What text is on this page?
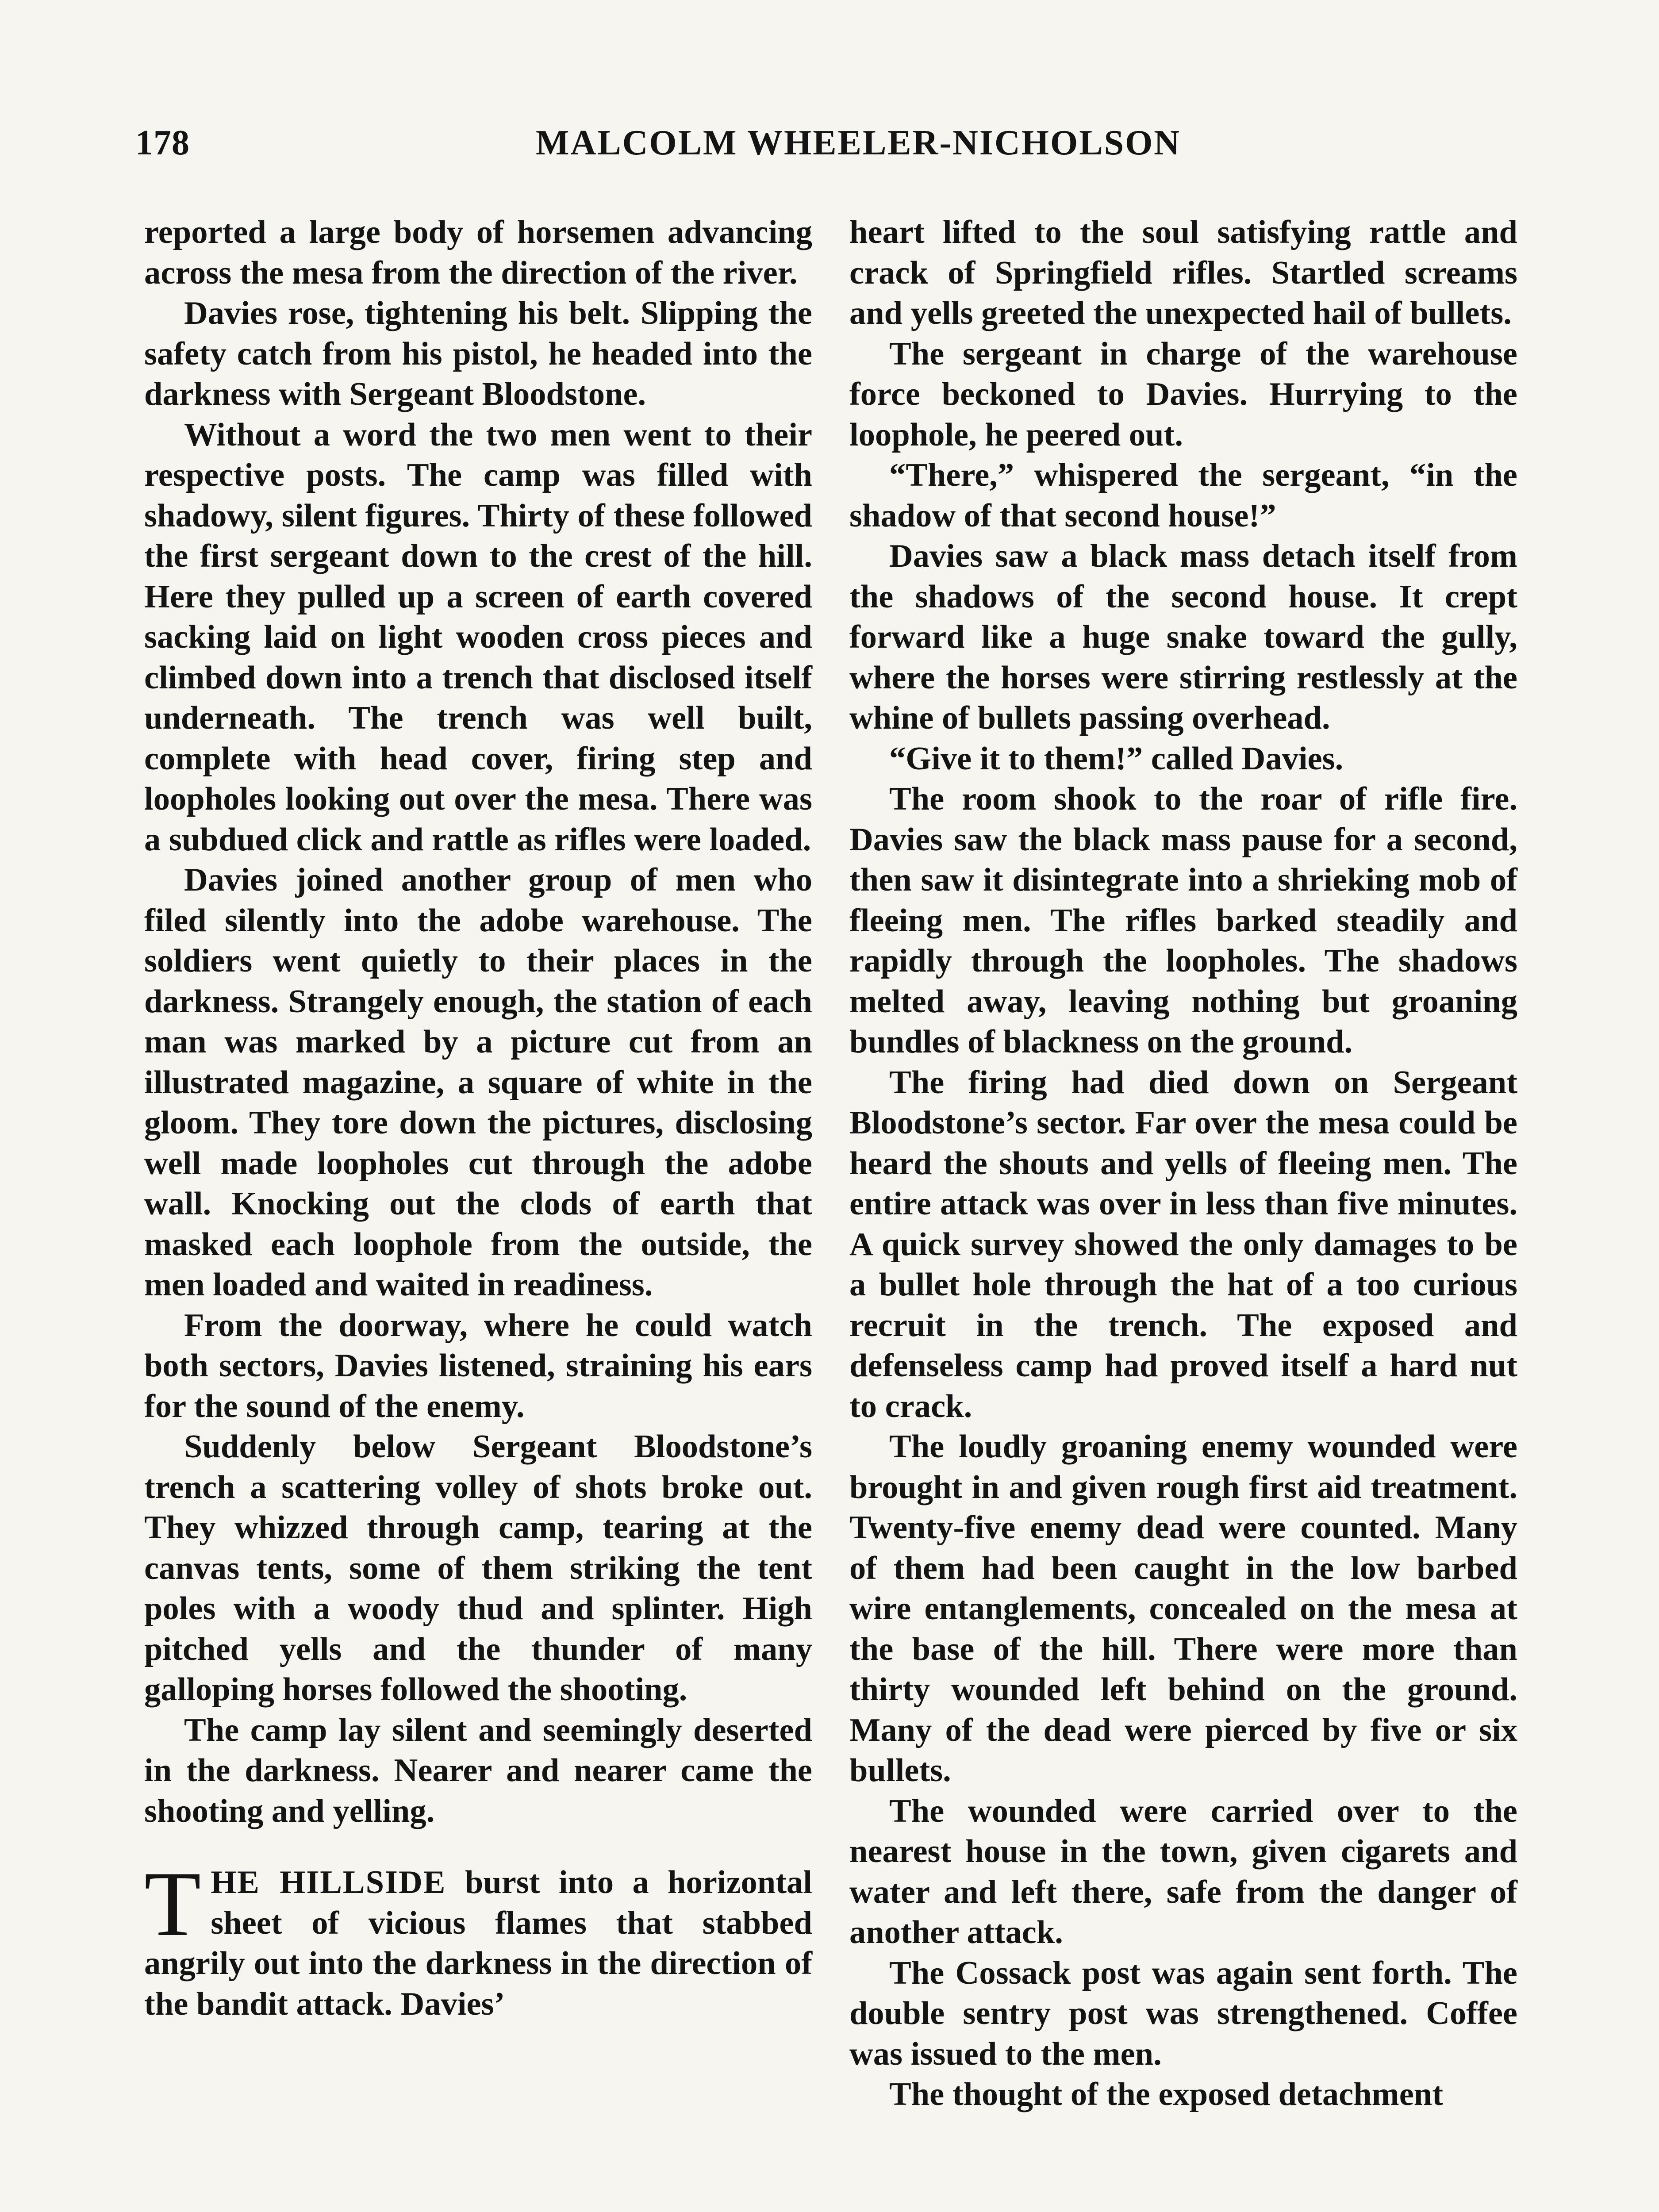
178	MALCOLM WHEELER-NICHOLSON

reported a large body of horsemen advancing across the mesa from the direction of the river.

Davies rose, tightening his belt. Slipping the safety catch from his pistol, he headed into the darkness with Sergeant Bloodstone.

Without a word the two men went to their respective posts. The camp was filled with shadowy, silent figures. Thirty of these followed the first sergeant down to the crest of the hill. Here they pulled up a screen of earth covered sacking laid on light wooden cross pieces and climbed down into a trench that disclosed itself underneath. The trench was well built, complete with head cover, firing step and loopholes looking out over the mesa. There was a subdued click and rattle as rifles were loaded.

Davies joined another group of men who filed silently into the adobe warehouse. The soldiers went quietly to their places in the darkness. Strangely enough, the station of each man was marked by a picture cut from an illustrated magazine, a square of white in the gloom. They tore down the pictures, disclosing well made loopholes cut through the adobe wall. Knocking out the clods of earth that masked each loophole from the outside, the men loaded and waited in readiness.

From the doorway, where he could watch both sectors, Davies listened, straining his ears for the sound of the enemy.

Suddenly below Sergeant Bloodstone’s trench a scattering volley of shots broke out. They whizzed through camp, tearing at the canvas tents, some of them striking the tent poles with a woody thud and splinter. High pitched yells and the thunder of many galloping horses followed the shooting.

The camp lay silent and seemingly deserted in the darkness. Nearer and nearer came the shooting and yelling.

THE HILLSIDE burst into a horizontal sheet of vicious flames that stabbed angrily out into the darkness in the direction of the bandit attack. Davies’

heart lifted to the soul satisfying rattle and crack of Springfield rifles. Startled screams and yells greeted the unexpected hail of bullets.

The sergeant in charge of the warehouse force beckoned to Davies. Hurrying to the loophole, he peered out.

“There,” whispered the sergeant, “in the shadow of that second house!”

Davies saw a black mass detach itself from the shadows of the second house. It crept forward like a huge snake toward the gully, where the horses were stirring restlessly at the whine of bullets passing overhead.

“Give it to them!” called Davies.

The room shook to the roar of rifle fire. Davies saw the black mass pause for a second, then saw it disintegrate into a shrieking mob of fleeing men. The rifles barked steadily and rapidly through the loopholes. The shadows melted away, leaving nothing but groaning bundles of blackness on the ground.

The firing had died down on Sergeant Bloodstone’s sector. Far over the mesa could be heard the shouts and yells of fleeing men. The entire attack was over in less than five minutes. A quick survey showed the only damages to be a bullet hole through the hat of a too curious recruit in the trench. The exposed and defenseless camp had proved itself a hard nut to crack.

The loudly groaning enemy wounded were brought in and given rough first aid treatment. Twenty-five enemy dead were counted. Many of them had been caught in the low barbed wire entanglements, concealed on the mesa at the base of the hill. There were more than thirty wounded left behind on the ground. Many of the dead were pierced by five or six bullets.

The wounded were carried over to the nearest house in the town, given cigarets and water and left there, safe from the danger of another attack.

The Cossack post was again sent forth. The double sentry post was strengthened. Coffee was issued to the men.

The thought of the exposed detachment
